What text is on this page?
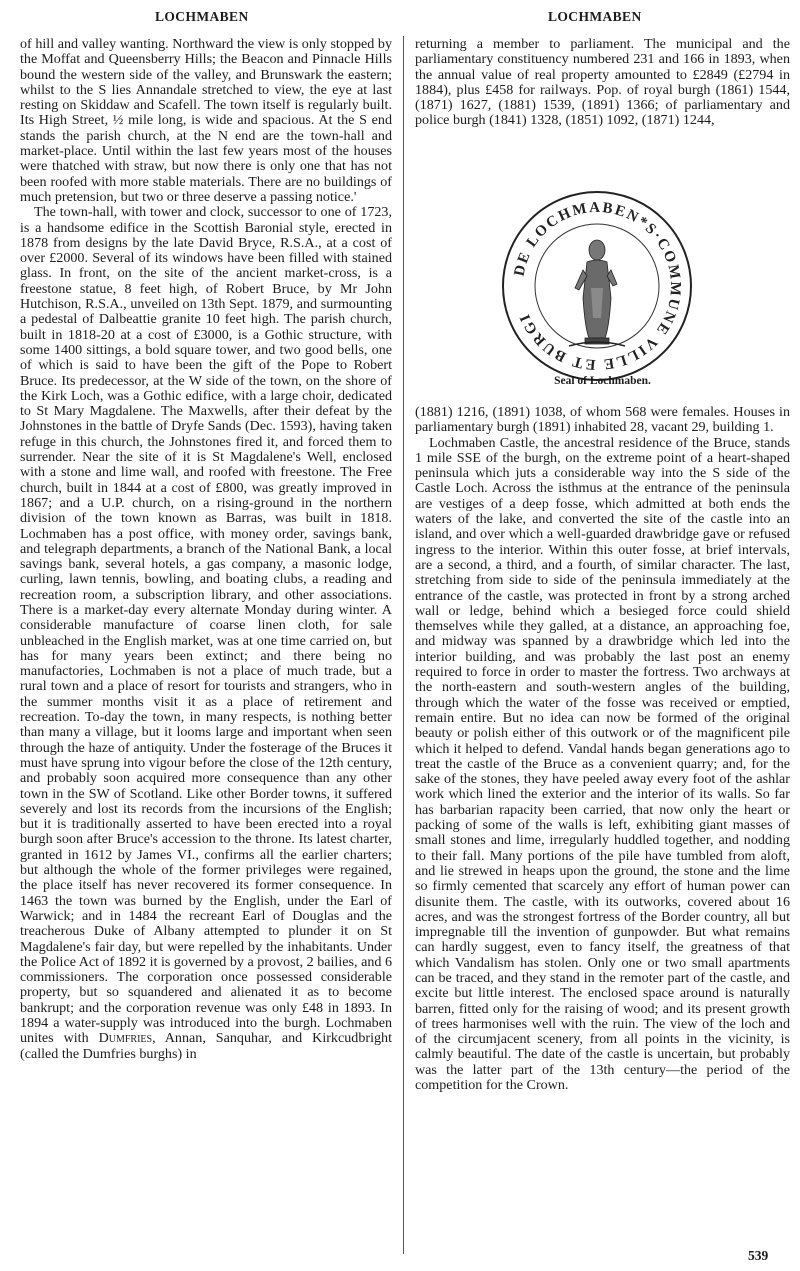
LOCHMABEN	LOCHMABEN

of hill and valley wanting. Northward the view is only stopped by the Moffat and Queensberry Hills; the Beacon and Pinnacle Hills bound the western side of the valley, and Brunswark the eastern; whilst to the S lies Annandale stretched to view, the eye at last resting on Skiddaw and Scafell. The town itself is regularly built. Its High Street, ½ mile long, is wide and spacious. At the S end stands the parish church, at the N end are the town-hall and market-place. Until within the last few years most of the houses were thatched with straw, but now there is only one that has not been roofed with more stable materials. There are no buildings of much pretension, but two or three deserve a passing notice.'

The town-hall, with tower and clock, successor to one of 1723, is a handsome edifice in the Scottish Baronial style, erected in 1878 from designs by the late David Bryce, R.S.A., at a cost of over £2000. Several of its windows have been filled with stained glass. In front, on the site of the ancient market-cross, is a freestone statue, 8 feet high, of Robert Bruce, by Mr John Hutchison, R.S.A., unveiled on 13th Sept. 1879, and surmounting a pedestal of Dalbeattie granite 10 feet high. The parish church, built in 1818-20 at a cost of £3000, is a Gothic structure, with some 1400 sittings, a bold square tower, and two good bells, one of which is said to have been the gift of the Pope to Robert Bruce. Its predecessor, at the W side of the town, on the shore of the Kirk Loch, was a Gothic edifice, with a large choir, dedicated to St Mary Magdalene. The Maxwells, after their defeat by the Johnstones in the battle of Dryfe Sands (Dec. 1593), having taken refuge in this church, the Johnstones fired it, and forced them to surrender. Near the site of it is St Magdalene's Well, enclosed with a stone and lime wall, and roofed with freestone. The Free church, built in 1844 at a cost of £800, was greatly improved in 1867; and a U.P. church, on a rising-ground in the northern division of the town known as Barras, was built in 1818. Lochmaben has a post office, with money order, savings bank, and telegraph departments, a branch of the National Bank, a local savings bank, several hotels, a gas company, a masonic lodge, curling, lawn tennis, bowling, and boating clubs, a reading and recreation room, a subscription library, and other associations. There is a market-day every alternate Monday during winter. A considerable manufacture of coarse linen cloth, for sale unbleached in the English market, was at one time carried on, but has for many years been extinct; and there being no manufactories, Lochmaben is not a place of much trade, but a rural town and a place of resort for tourists and strangers, who in the summer months visit it as a place of retirement and recreation. To-day the town, in many respects, is nothing better than many a village, but it looms large and important when seen through the haze of antiquity. Under the fosterage of the Bruces it must have sprung into vigour before the close of the 12th century, and probably soon acquired more consequence than any other town in the SW of Scotland. Like other Border towns, it suffered severely and lost its records from the incursions of the English; but it is traditionally asserted to have been erected into a royal burgh soon after Bruce's accession to the throne. Its latest charter, granted in 1612 by James VI., confirms all the earlier charters; but although the whole of the former privileges were regained, the place itself has never recovered its former consequence. In 1463 the town was burned by the English, under the Earl of Warwick; and in 1484 the recreant Earl of Douglas and the treacherous Duke of Albany attempted to plunder it on St Magdalene's fair day, but were repelled by the inhabitants. Under the Police Act of 1892 it is governed by a provost, 2 bailies, and 6 commissioners. The corporation once possessed considerable property, but so squandered and alienated it as to become bankrupt; and the corporation revenue was only £48 in 1893. In 1894 a water-supply was introduced into the burgh. Lochmaben unites with Dumfries, Annan, Sanquhar, and Kirkcudbright (called the Dumfries burghs) in

returning a member to parliament. The municipal and the parliamentary constituency numbered 231 and 166 in 1893, when the annual value of real property amounted to £2849 (£2794 in 1884), plus £458 for railways. Pop. of royal burgh (1861) 1544, (1871) 1627, (1881) 1539, (1891) 1366; of parliamentary and police burgh (1841) 1328, (1851) 1092, (1871) 1244,

DE LOCHMABEN*S·COMMUNE VILLE ET BURGI
Seal of Lochmaben.

(1881) 1216, (1891) 1038, of whom 568 were females. Houses in parliamentary burgh (1891) inhabited 28, vacant 29, building 1.

Lochmaben Castle, the ancestral residence of the Bruce, stands 1 mile SSE of the burgh, on the extreme point of a heart-shaped peninsula which juts a considerable way into the S side of the Castle Loch. Across the isthmus at the entrance of the peninsula are vestiges of a deep fosse, which admitted at both ends the waters of the lake, and converted the site of the castle into an island, and over which a well-guarded drawbridge gave or refused ingress to the interior. Within this outer fosse, at brief intervals, are a second, a third, and a fourth, of similar character. The last, stretching from side to side of the peninsula immediately at the entrance of the castle, was protected in front by a strong arched wall or ledge, behind which a besieged force could shield themselves while they galled, at a distance, an approaching foe, and midway was spanned by a drawbridge which led into the interior building, and was probably the last post an enemy required to force in order to master the fortress. Two archways at the north-eastern and south-western angles of the building, through which the water of the fosse was received or emptied, remain entire. But no idea can now be formed of the original beauty or polish either of this outwork or of the magnificent pile which it helped to defend. Vandal hands began generations ago to treat the castle of the Bruce as a convenient quarry; and, for the sake of the stones, they have peeled away every foot of the ashlar work which lined the exterior and the interior of its walls. So far has barbarian rapacity been carried, that now only the heart or packing of some of the walls is left, exhibiting giant masses of small stones and lime, irregularly huddled together, and nodding to their fall. Many portions of the pile have tumbled from aloft, and lie strewed in heaps upon the ground, the stone and the lime so firmly cemented that scarcely any effort of human power can disunite them. The castle, with its outworks, covered about 16 acres, and was the strongest fortress of the Border country, all but impregnable till the invention of gunpowder. But what remains can hardly suggest, even to fancy itself, the greatness of that which Vandalism has stolen. Only one or two small apartments can be traced, and they stand in the remoter part of the castle, and excite but little interest. The enclosed space around is naturally barren, fitted only for the raising of wood; and its present growth of trees harmonises well with the ruin. The view of the loch and of the circumjacent scenery, from all points in the vicinity, is calmly beautiful. The date of the castle is uncertain, but probably was the latter part of the 13th century—the period of the competition for the Crown.

539
